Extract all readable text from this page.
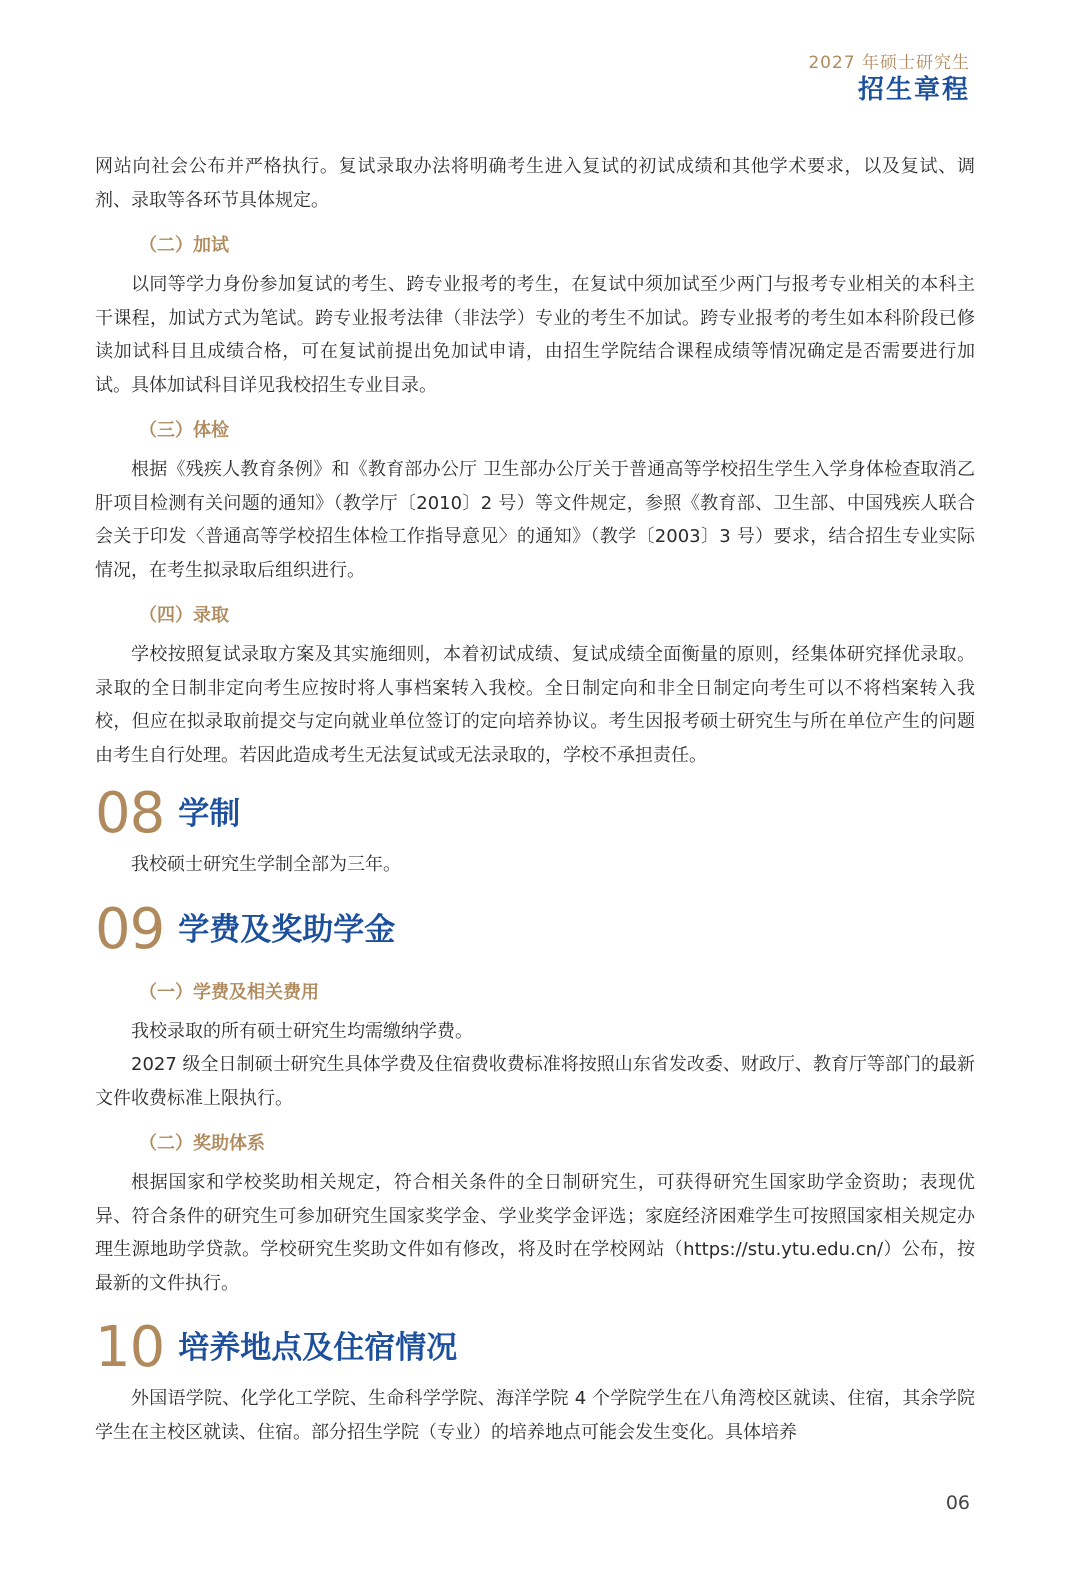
2027 年硕士研究生
招生章程

网站向社会公布并严格执行。复试录取办法将明确考生进入复试的初试成绩和其他学术要求，以及复试、调剂、录取等各环节具体规定。

（二）加试

以同等学力身份参加复试的考生、跨专业报考的考生，在复试中须加试至少两门与报考专业相关的本科主干课程，加试方式为笔试。跨专业报考法律（非法学）专业的考生不加试。跨专业报考的考生如本科阶段已修读加试科目且成绩合格，可在复试前提出免加试申请，由招生学院结合课程成绩等情况确定是否需要进行加试。具体加试科目详见我校招生专业目录。

（三）体检

根据《残疾人教育条例》和《教育部办公厅 卫生部办公厅关于普通高等学校招生学生入学身体检查取消乙肝项目检测有关问题的通知》（教学厅〔2010〕2 号）等文件规定，参照《教育部、卫生部、中国残疾人联合会关于印发〈普通高等学校招生体检工作指导意见〉的通知》（教学〔2003〕3 号）要求，结合招生专业实际情况，在考生拟录取后组织进行。

（四）录取

学校按照复试录取方案及其实施细则，本着初试成绩、复试成绩全面衡量的原则，经集体研究择优录取。录取的全日制非定向考生应按时将人事档案转入我校。全日制定向和非全日制定向考生可以不将档案转入我校，但应在拟录取前提交与定向就业单位签订的定向培养协议。考生因报考硕士研究生与所在单位产生的问题由考生自行处理。若因此造成考生无法复试或无法录取的，学校不承担责任。

08 学制

我校硕士研究生学制全部为三年。

09 学费及奖助学金
（一）学费及相关费用

我校录取的所有硕士研究生均需缴纳学费。

2027 级全日制硕士研究生具体学费及住宿费收费标准将按照山东省发改委、财政厅、教育厅等部门的最新文件收费标准上限执行。

（二）奖助体系

根据国家和学校奖助相关规定，符合相关条件的全日制研究生，可获得研究生国家助学金资助；表现优异、符合条件的研究生可参加研究生国家奖学金、学业奖学金评选；家庭经济困难学生可按照国家相关规定办理生源地助学贷款。学校研究生奖助文件如有修改，将及时在学校网站（https://stu.ytu.edu.cn/）公布，按最新的文件执行。

10 培养地点及住宿情况

外国语学院、化学化工学院、生命科学学院、海洋学院 4 个学院学生在八角湾校区就读、住宿，其余学院学生在主校区就读、住宿。部分招生学院（专业）的培养地点可能会发生变化。具体培养

06
